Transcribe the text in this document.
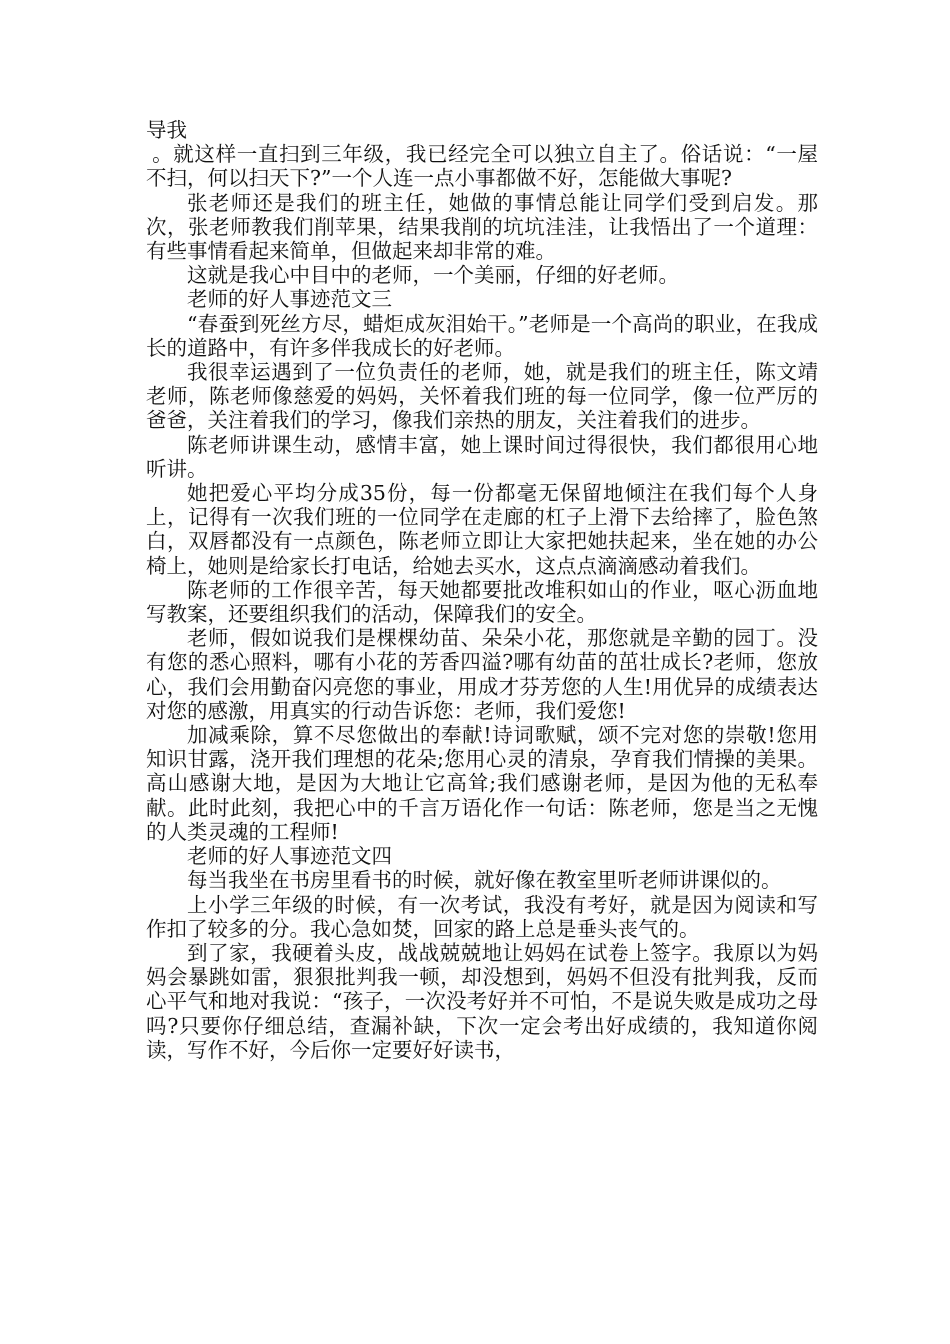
导我

。就这样一直扫到三年级，我已经完全可以独立自主了。俗话说：“一屋不扫，何以扫天下?”一个人连一点小事都做不好，怎能做大事呢?

张老师还是我们的班主任，她做的事情总能让同学们受到启发。那次，张老师教我们削苹果，结果我削的坑坑洼洼，让我悟出了一个道理：有些事情看起来简单，但做起来却非常的难。

这就是我心中目中的老师，一个美丽，仔细的好老师。

老师的好人事迹范文三

“春蚕到死丝方尽，蜡炬成灰泪始干。”老师是一个高尚的职业，在我成长的道路中，有许多伴我成长的好老师。

我很幸运遇到了一位负责任的老师，她，就是我们的班主任，陈文靖老师，陈老师像慈爱的妈妈，关怀着我们班的每一位同学，像一位严厉的爸爸，关注着我们的学习，像我们亲热的朋友，关注着我们的进步。

陈老师讲课生动，感情丰富，她上课时间过得很快，我们都很用心地听讲。

她把爱心平均分成35份，每一份都毫无保留地倾注在我们每个人身上，记得有一次我们班的一位同学在走廊的杠子上滑下去给摔了，脸色煞白，双唇都没有一点颜色，陈老师立即让大家把她扶起来，坐在她的办公椅上，她则是给家长打电话，给她去买水，这点点滴滴感动着我们。

陈老师的工作很辛苦，每天她都要批改堆积如山的作业，呕心沥血地写教案，还要组织我们的活动，保障我们的安全。

老师，假如说我们是棵棵幼苗、朵朵小花，那您就是辛勤的园丁。没有您的悉心照料，哪有小花的芳香四溢?哪有幼苗的茁壮成长?老师，您放心，我们会用勤奋闪亮您的事业，用成才芬芳您的人生!用优异的成绩表达对您的感激，用真实的行动告诉您：老师，我们爱您!

加减乘除，算不尽您做出的奉献!诗词歌赋，颂不完对您的崇敬!您用知识甘露，浇开我们理想的花朵;您用心灵的清泉，孕育我们情操的美果。高山感谢大地，是因为大地让它高耸;我们感谢老师，是因为他的无私奉献。此时此刻，我把心中的千言万语化作一句话：陈老师，您是当之无愧的人类灵魂的工程师!

老师的好人事迹范文四

每当我坐在书房里看书的时候，就好像在教室里听老师讲课似的。

上小学三年级的时候，有一次考试，我没有考好，就是因为阅读和写作扣了较多的分。我心急如焚，回家的路上总是垂头丧气的。

到了家，我硬着头皮，战战兢兢地让妈妈在试卷上签字。我原以为妈妈会暴跳如雷，狠狠批判我一顿，却没想到，妈妈不但没有批判我，反而心平气和地对我说：“孩子，一次没考好并不可怕，不是说失败是成功之母吗?只要你仔细总结，查漏补缺，下次一定会考出好成绩的，我知道你阅读，写作不好，今后你一定要好好读书，
